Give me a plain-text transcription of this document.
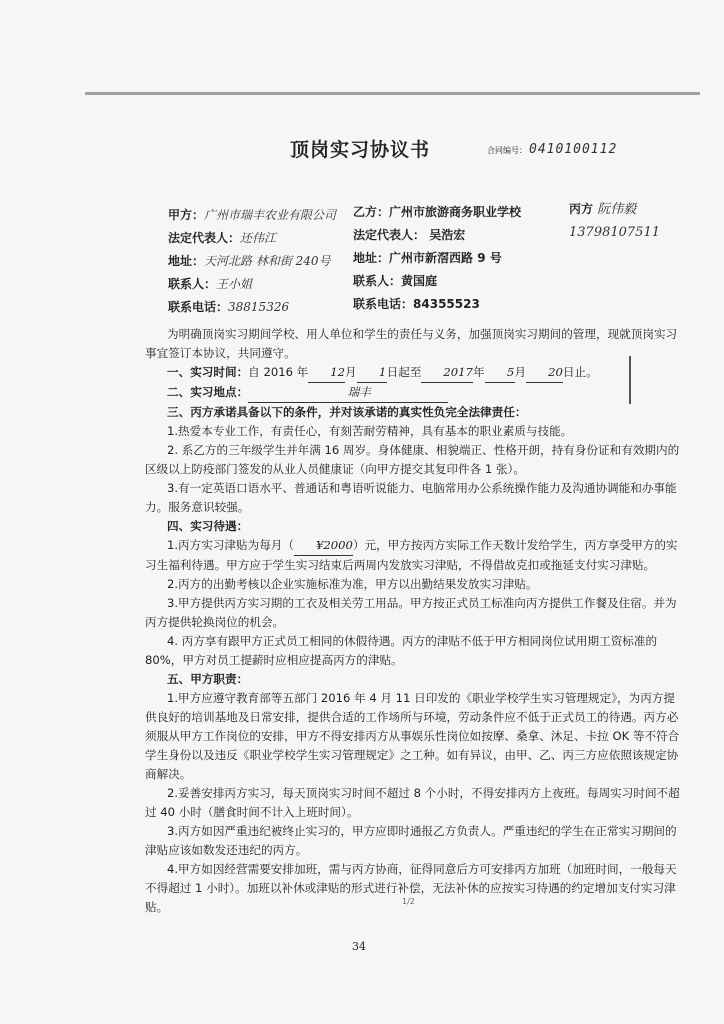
顶岗实习协议书	合同编号： 0410100112
甲方：广州市瑞丰农业有限公司
法定代表人：还伟江
地址：天河北路 林和街 240号
联系人：王小姐
联系电话：38815326
乙方：广州市旅游商务职业学校
法定代表人： 吴浩宏
地址：广州市新滘西路 9 号
联系人：黄国庭
联系电话：84355523
丙方 阮伟毅
13798107511

为明确顶岗实习期间学校、用人单位和学生的责任与义务，加强顶岗实习期间的管理，现就顶岗实习事宜签订本协议，共同遵守。

一、实习时间：自 2016 年 12月 1日起至 2017年 5月 20日止。

二、实习地点：	瑞丰

三、丙方承诺具备以下的条件，并对该承诺的真实性负完全法律责任：

1.热爱本专业工作，有责任心，有刻苦耐劳精神，具有基本的职业素质与技能。

2. 系乙方的三年级学生并年满 16 周岁。身体健康、相貌端正、性格开朗，持有身份证和有效期内的区级以上防疫部门签发的从业人员健康证（向甲方提交其复印件各 1 张）。

3.有一定英语口语水平、普通话和粤语听说能力、电脑常用办公系统操作能力及沟通协调能和办事能力。服务意识较强。

四、实习待遇：

1.丙方实习津贴为每月（ ¥2000）元，甲方按丙方实际工作天数计发给学生，丙方享受甲方的实习生福利待遇。甲方应于学生实习结束后两周内发放实习津贴，不得借故克扣或拖延支付实习津贴。

2.丙方的出勤考核以企业实施标准为准，甲方以出勤结果发放实习津贴。

3.甲方提供丙方实习期的工衣及相关劳工用品。甲方按正式员工标准向丙方提供工作餐及住宿。并为丙方提供轮换岗位的机会。

4. 丙方享有跟甲方正式员工相同的休假待遇。丙方的津贴不低于甲方相同岗位试用期工资标准的 80%，甲方对员工提薪时应相应提高丙方的津贴。

五、甲方职责：

1.甲方应遵守教育部等五部门 2016 年 4 月 11 日印发的《职业学校学生实习管理规定》，为丙方提供良好的培训基地及日常安排，提供合适的工作场所与环境，劳动条件应不低于正式员工的待遇。丙方必须服从甲方工作岗位的安排，甲方不得安排丙方从事娱乐性岗位如按摩、桑拿、沐足、卡拉 OK 等不符合学生身份以及违反《职业学校学生实习管理规定》之工种。如有异议，由甲、乙、丙三方应依照该规定协商解决。

2.妥善安排丙方实习，每天顶岗实习时间不超过 8 个小时，不得安排丙方上夜班。每周实习时间不超过 40 小时（膳食时间不计入上班时间）。

3.丙方如因严重违纪被终止实习的，甲方应即时通报乙方负责人。严重违纪的学生在正常实习期间的津贴应该如数发还违纪的丙方。

4.甲方如因经营需要安排加班，需与丙方协商，征得同意后方可安排丙方加班（加班时间，一般每天不得超过 1 小时）。加班以补休或津贴的形式进行补偿，无法补休的应按实习待遇的约定增加支付实习津贴。	1/2
34
